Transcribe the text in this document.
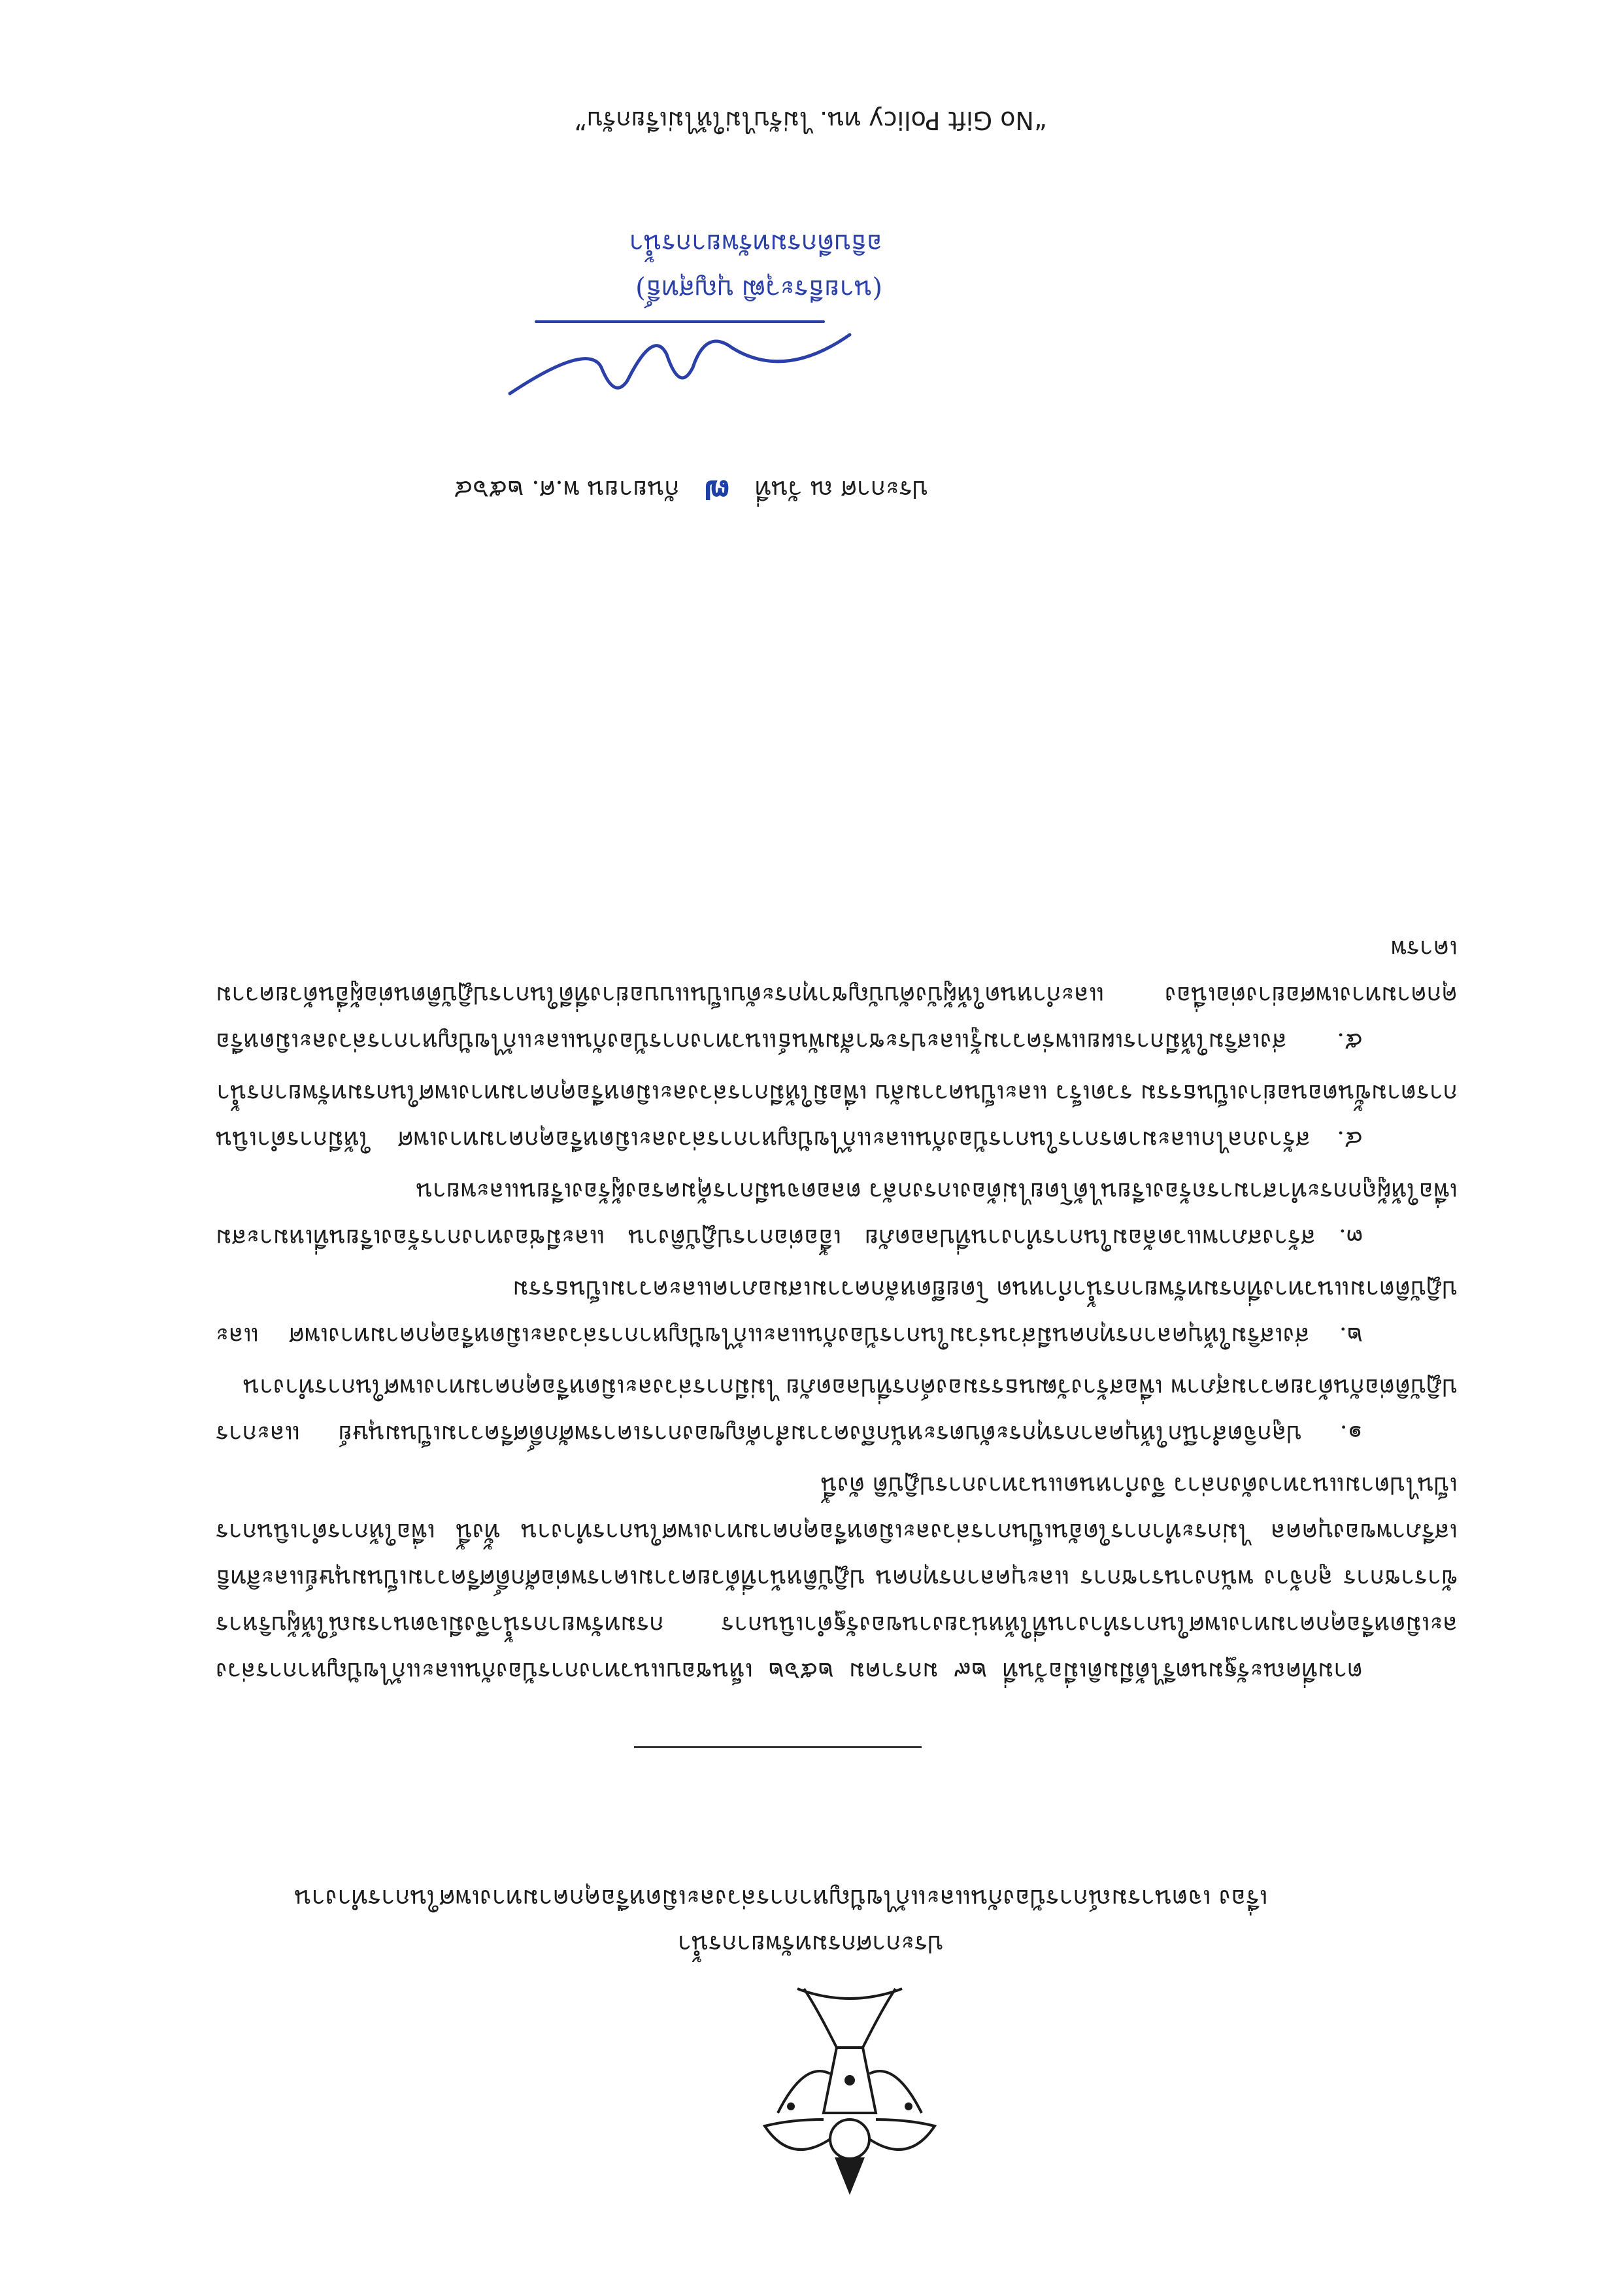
ประกาศกรมทรัพยากรน้ำ
เรื่อง เจตนารมณ์การป้องกันและแก้ไขปัญหาการล่วงละเมิดหรือคุกคามทางเพศในการทำงาน

ตามที่คณะรัฐมนตรีได้มีมติเมื่อวันที่ ๒๙ มกราคม ๒๕๖๒ เห็นชอบแนวทางการป้องกันและแก้ไขปัญหาการล่วงละเมิดหรือคุกคามทางเพศในการทำงานที่ให้หน่วยงานของรัฐดำเนินการ กรมทรัพยากรน้ำจึงมีเจตนารมณ์ให้ผู้บริหาร ข้าราชการ ลูกจ้าง พนักงานราชการ และบุคลากรทุกคน ปฏิบัติหน้าที่ด้วยความเคารพต่อศักดิ์ศรีความเป็นมนุษย์และสิทธิเสรีภาพของบุคคล ไม่กระทำการใดอันเป็นการล่วงละเมิดหรือคุกคามทางเพศในการทำงาน ทั้งนี้ เพื่อให้การดำเนินการเป็นไปตามแนวทางดังกล่าว จึงกำหนดแนวทางการปฏิบัติ ดังนี้

๑. ปลูกจิตสำนึกให้บุคลากรทุกระดับตระหนักถึงความสำคัญของการเคารพศักดิ์ศรีความเป็นมนุษย์ และการปฏิบัติต่อกันด้วยความสุภาพ เพื่อสร้างวัฒนธรรมองค์กรที่ปลอดภัย ไม่มีการล่วงละเมิดหรือคุกคามทางเพศในการทำงาน

๒. ส่งเสริมให้บุคลากรทุกคนมีส่วนร่วมในการป้องกันและแก้ไขปัญหาการล่วงละเมิดหรือคุกคามทางเพศ และปฏิบัติตามแนวทางที่กรมทรัพยากรน้ำกำหนด โดยยึดหลักความเสมอภาคและความเป็นธรรม

๓. สร้างสภาพแวดล้อมในการทำงานที่ปลอดภัย เอื้อต่อการปฏิบัติงาน และมีช่องทางการร้องเรียนที่เหมาะสม เพื่อให้ผู้ถูกกระทำสามารถร้องเรียนได้โดยไม่ต้องเกรงกลัว ตลอดจนมีการคุ้มครองผู้ร้องเรียนและพยาน

๔. สร้างกลไกและมาตรการในการป้องกันและแก้ไขปัญหาการล่วงละเมิดหรือคุกคามทางเพศ ให้มีการดำเนินการตามขั้นตอนอย่างเป็นธรรม รวดเร็ว และเป็นความลับ เพื่อมิให้มีการล่วงละเมิดหรือคุกคามทางเพศในกรมทรัพยากรน้ำ

๕. ส่งเสริมให้มีการเผยแพร่ความรู้และประชาสัมพันธ์แนวทางการป้องกันและแก้ไขปัญหาการล่วงละเมิดหรือคุกคามทางเพศอย่างต่อเนื่อง และกำหนดให้ผู้บังคับบัญชาทุกระดับเป็นแบบอย่างที่ดีในการปฏิบัติตนต่อผู้อื่นด้วยความเคารพ

ประกาศ ณ วันที่ ๗ กันยายน พ.ศ. ๒๕๖๔
(นายธีระวุฒิ บุญสุทธิ์)
อธิบดีกรมทรัพยากรน้ำ
“No Gift Policy ทน. ไม่รับไม่ให้ไม่เรียกรับ”
